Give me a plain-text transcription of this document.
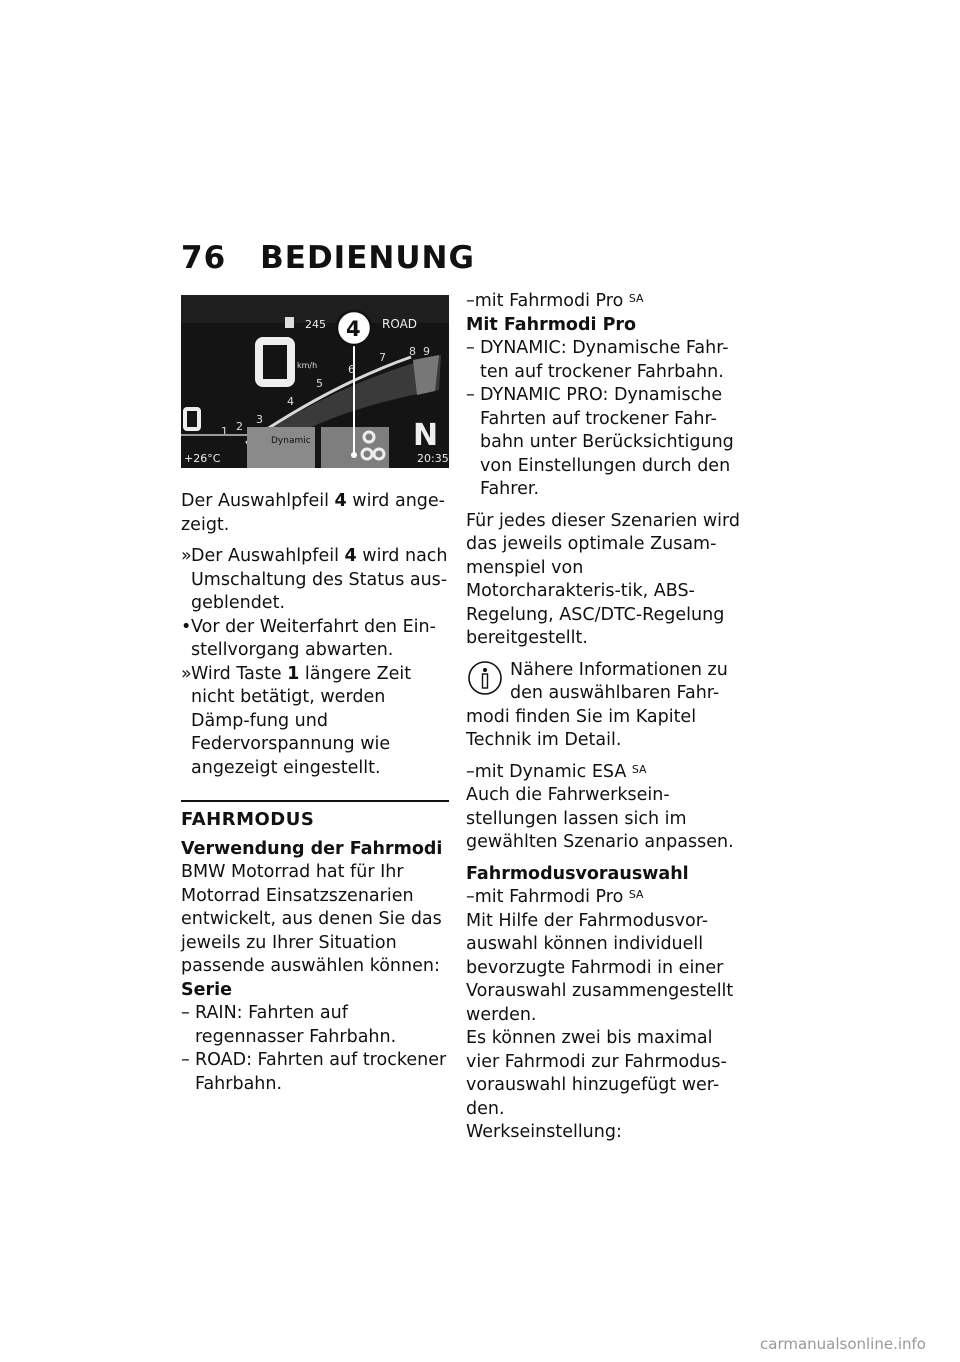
76 BEDIENUNG
245	ROAD
km/h
1 2
3
4
5
6
7 8 9
Dynamic	N
+26°C	20:35
4

Der Auswahlpfeil 4 wird ange-zeigt.

» Der Auswahlpfeil 4 wird nach Umschaltung des Status aus-geblendet.
• Vor der Weiterfahrt den Ein-stellvorgang abwarten.
» Wird Taste 1 längere Zeit nicht betätigt, werden Dämp-fung und Federvorspannung wie angezeigt eingestellt.
FAHRMODUS
Verwendung der Fahrmodi

BMW Motorrad hat für Ihr Motorrad Einsatzszenarien entwickelt, aus denen Sie das jeweils zu Ihrer Situation passende auswählen können:

Serie
– RAIN: Fahrten auf regennasser Fahrbahn.
– ROAD: Fahrten auf trockener Fahrbahn.
–mit Fahrmodi Pro $^{SA}$
Mit Fahrmodi Pro
– DYNAMIC: Dynamische Fahr-ten auf trockener Fahrbahn.
– DYNAMIC PRO: Dynamische Fahrten auf trockener Fahr-bahn unter Berücksichtigung von Einstellungen durch den Fahrer.

Für jedes dieser Szenarien wird das jeweils optimale Zusam-menspiel von Motorcharakteris-tik, ABS-Regelung, ASC/DTC-Regelung bereitgestellt.

Nähere Informationen zu den auswählbaren Fahr-modi finden Sie im Kapitel Technik im Detail.
–mit Dynamic ESA $^{SA}$

Auch die Fahrwerksein-stellungen lassen sich im gewählten Szenario anpassen.

Fahrmodusvorauswahl
–mit Fahrmodi Pro $^{SA}$
Mit Hilfe der Fahrmodusvor-auswahl können individuell bevorzugte Fahrmodi in einer Vorauswahl zusammengestellt werden.
Es können zwei bis maximal vier Fahrmodi zur Fahrmodus-vorauswahl hinzugefügt wer-den.
Werkseinstellung:
carmanualsonline.info
